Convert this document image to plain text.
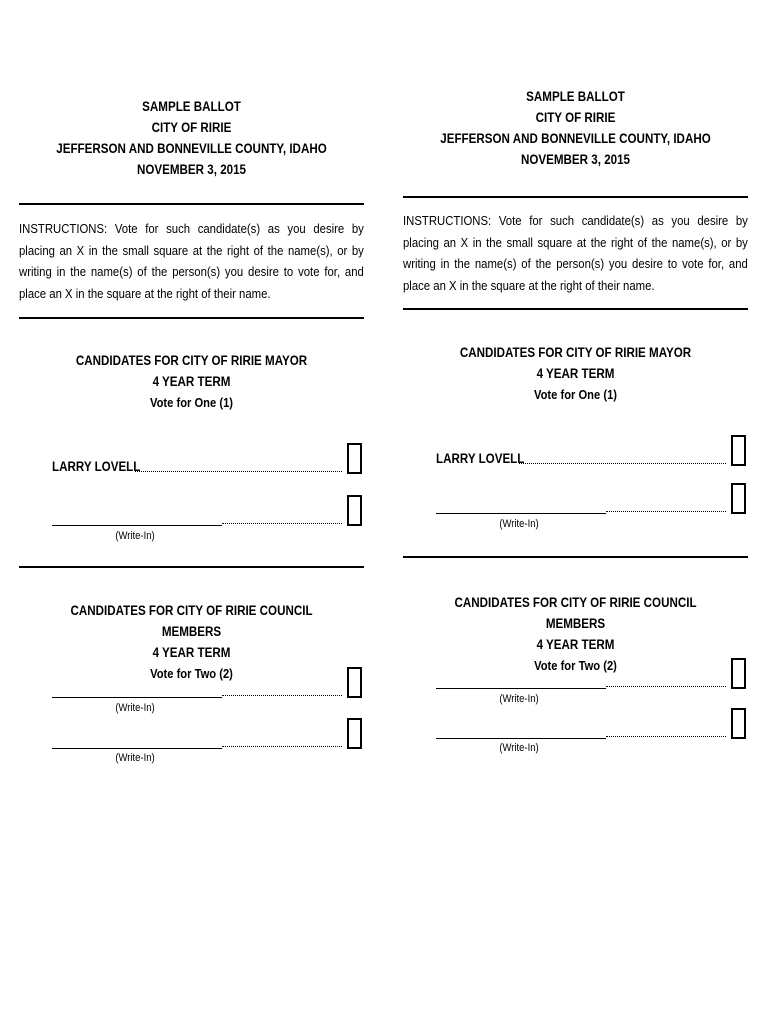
SAMPLE BALLOT
CITY OF RIRIE
JEFFERSON AND BONNEVILLE COUNTY, IDAHO
NOVEMBER 3, 2015
INSTRUCTIONS: Vote for such candidate(s) as you desire by placing an X in the small square at the right of the name(s), or by writing in the name(s) of the person(s) you desire to vote for, and place an X in the square at the right of their name.
CANDIDATES FOR CITY OF RIRIE MAYOR
4 YEAR TERM
Vote for One (1)
LARRY LOVELL
(Write-In)
CANDIDATES FOR CITY OF RIRIE COUNCIL MEMBERS
4 YEAR TERM
Vote for Two (2)
(Write-In)
(Write-In)
SAMPLE BALLOT
CITY OF RIRIE
JEFFERSON AND BONNEVILLE COUNTY, IDAHO
NOVEMBER 3, 2015
INSTRUCTIONS: Vote for such candidate(s) as you desire by placing an X in the small square at the right of the name(s), or by writing in the name(s) of the person(s) you desire to vote for, and place an X in the square at the right of their name.
CANDIDATES FOR CITY OF RIRIE MAYOR
4 YEAR TERM
Vote for One (1)
LARRY LOVELL
(Write-In)
CANDIDATES FOR CITY OF RIRIE COUNCIL MEMBERS
4 YEAR TERM
Vote for Two (2)
(Write-In)
(Write-In)
